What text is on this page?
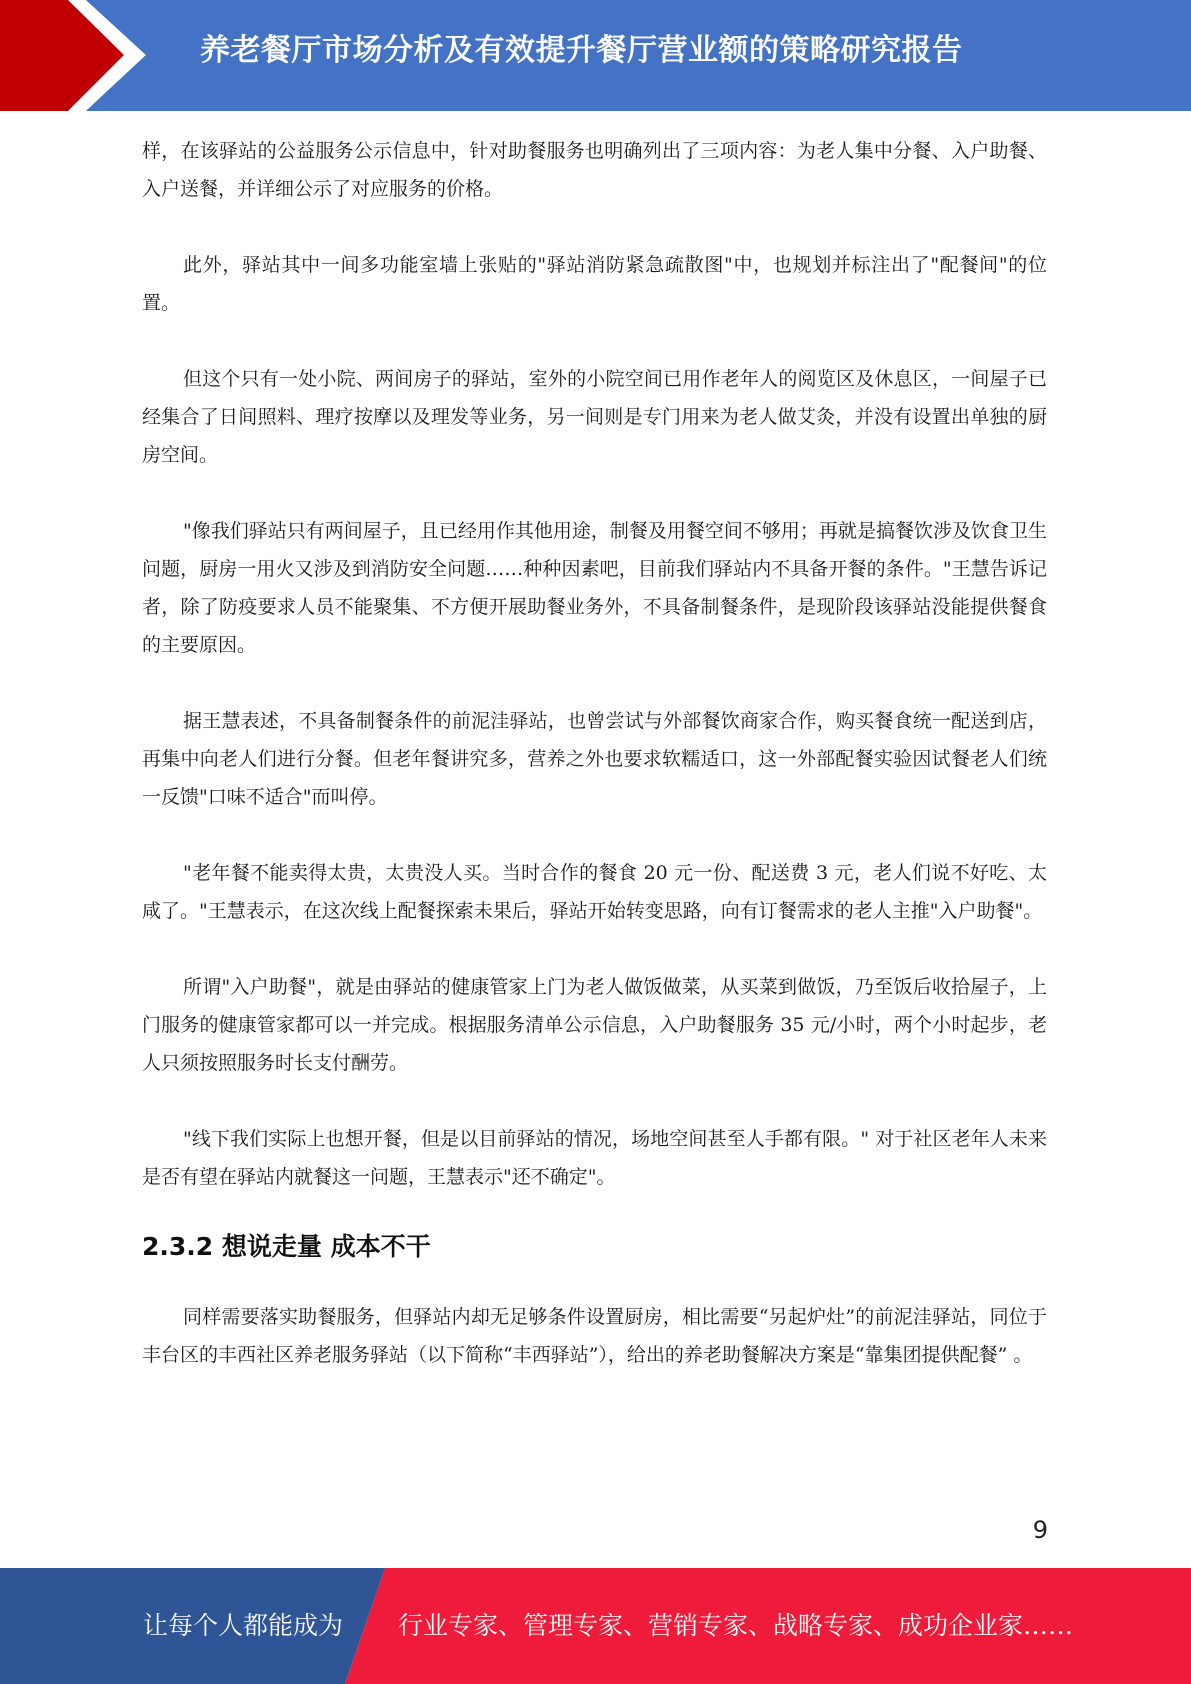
养老餐厅市场分析及有效提升餐厅营业额的策略研究报告

样，在该驿站的公益服务公示信息中，针对助餐服务也明确列出了三项内容：为老人集中分餐、入户助餐、入户送餐，并详细公示了对应服务的价格。

此外，驿站其中一间多功能室墙上张贴的"驿站消防紧急疏散图"中，也规划并标注出了"配餐间"的位置。

但这个只有一处小院、两间房子的驿站，室外的小院空间已用作老年人的阅览区及休息区，一间屋子已经集合了日间照料、理疗按摩以及理发等业务，另一间则是专门用来为老人做艾灸，并没有设置出单独的厨房空间。

"像我们驿站只有两间屋子，且已经用作其他用途，制餐及用餐空间不够用；再就是搞餐饮涉及饮食卫生问题，厨房一用火又涉及到消防安全问题……种种因素吧，目前我们驿站内不具备开餐的条件。"王慧告诉记者，除了防疫要求人员不能聚集、不方便开展助餐业务外，不具备制餐条件，是现阶段该驿站没能提供餐食的主要原因。

据王慧表述，不具备制餐条件的前泥洼驿站，也曾尝试与外部餐饮商家合作，购买餐食统一配送到店，再集中向老人们进行分餐。但老年餐讲究多，营养之外也要求软糯适口，这一外部配餐实验因试餐老人们统一反馈"口味不适合"而叫停。

"老年餐不能卖得太贵，太贵没人买。当时合作的餐食 20 元一份、配送费 3 元，老人们说不好吃、太咸了。"王慧表示，在这次线上配餐探索未果后，驿站开始转变思路，向有订餐需求的老人主推"入户助餐"。

所谓"入户助餐"，就是由驿站的健康管家上门为老人做饭做菜，从买菜到做饭，乃至饭后收拾屋子，上门服务的健康管家都可以一并完成。根据服务清单公示信息，入户助餐服务 35 元/小时，两个小时起步，老人只须按照服务时长支付酬劳。

"线下我们实际上也想开餐，但是以目前驿站的情况，场地空间甚至人手都有限。" 对于社区老年人未来是否有望在驿站内就餐这一问题，王慧表示"还不确定"。

2.3.2 想说走量 成本不干

同样需要落实助餐服务，但驿站内却无足够条件设置厨房，相比需要“另起炉灶”的前泥洼驿站，同位于丰台区的丰西社区养老服务驿站（以下简称“丰西驿站”），给出的养老助餐解决方案是“靠集团提供配餐” 。

9
让每个人都能成为 行业专家、管理专家、营销专家、战略专家、成功企业家……
